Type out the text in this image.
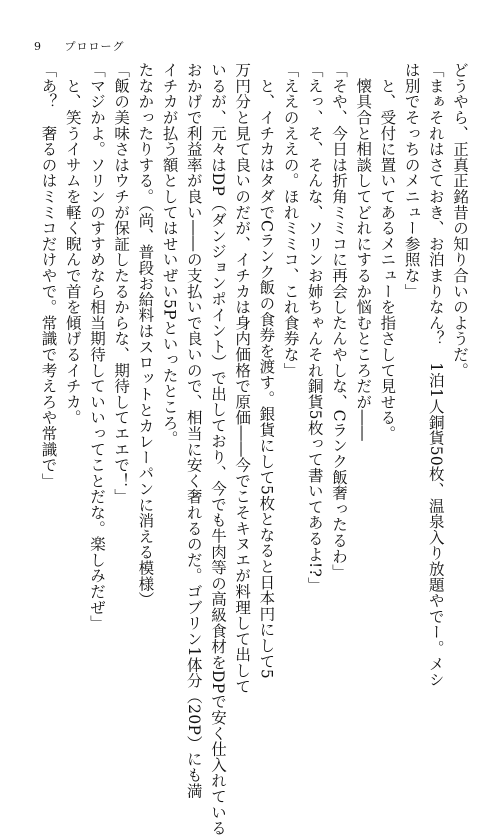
9 プロローグ
どうやら、正真正銘昔の知り合いのようだ。
「まぁそれはさておき、お泊まりなん？　1泊1人銅貨50枚、温泉入り放題やでー。メシ
は別でそっちのメニュー参照な」
　と、受付に置いてあるメニューを指さして見せる。
　懐具合と相談してどれにするか悩むところだが――
「そや、今日は折角ミミコに再会したんやしな、Cランク飯奢ったるわ」
「えっ、そ、そんな、ソリンお姉ちゃんそれ銅貨5枚って書いてあるよ!?」
「ええのええの。ほれミミコ、これ食券な」
　と、イチカはタダでCランク飯の食券を渡す。銀貨にして5枚となると日本円にして5
万円分と見て良いのだが、イチカは身内価格で原価――今でこそキヌエが料理して出して
いるが、元々はDP（ダンジョンポイント）で出しており、今でも牛肉等の高級食材をDPで安く仕入れている
おかげで利益率が良い――の支払いで良いので、相当に安く奢れるのだ。ゴブリン1体分（20P）にも満
イチカが払う額としてはせいぜい5Pといったところ。
たなかったりする。（尚、普段お給料はスロットとカレーパンに消える模様）
「飯の美味さはウチが保証したるからな、期待してエエで！」
「マジかよ。ソリンのすすめなら相当期待していいってことだな。楽しみだぜ」
　と、笑うイサムを軽く睨んで首を傾げるイチカ。
「あ？　奢るのはミミコだけやで。常識で考えろや常識で」
